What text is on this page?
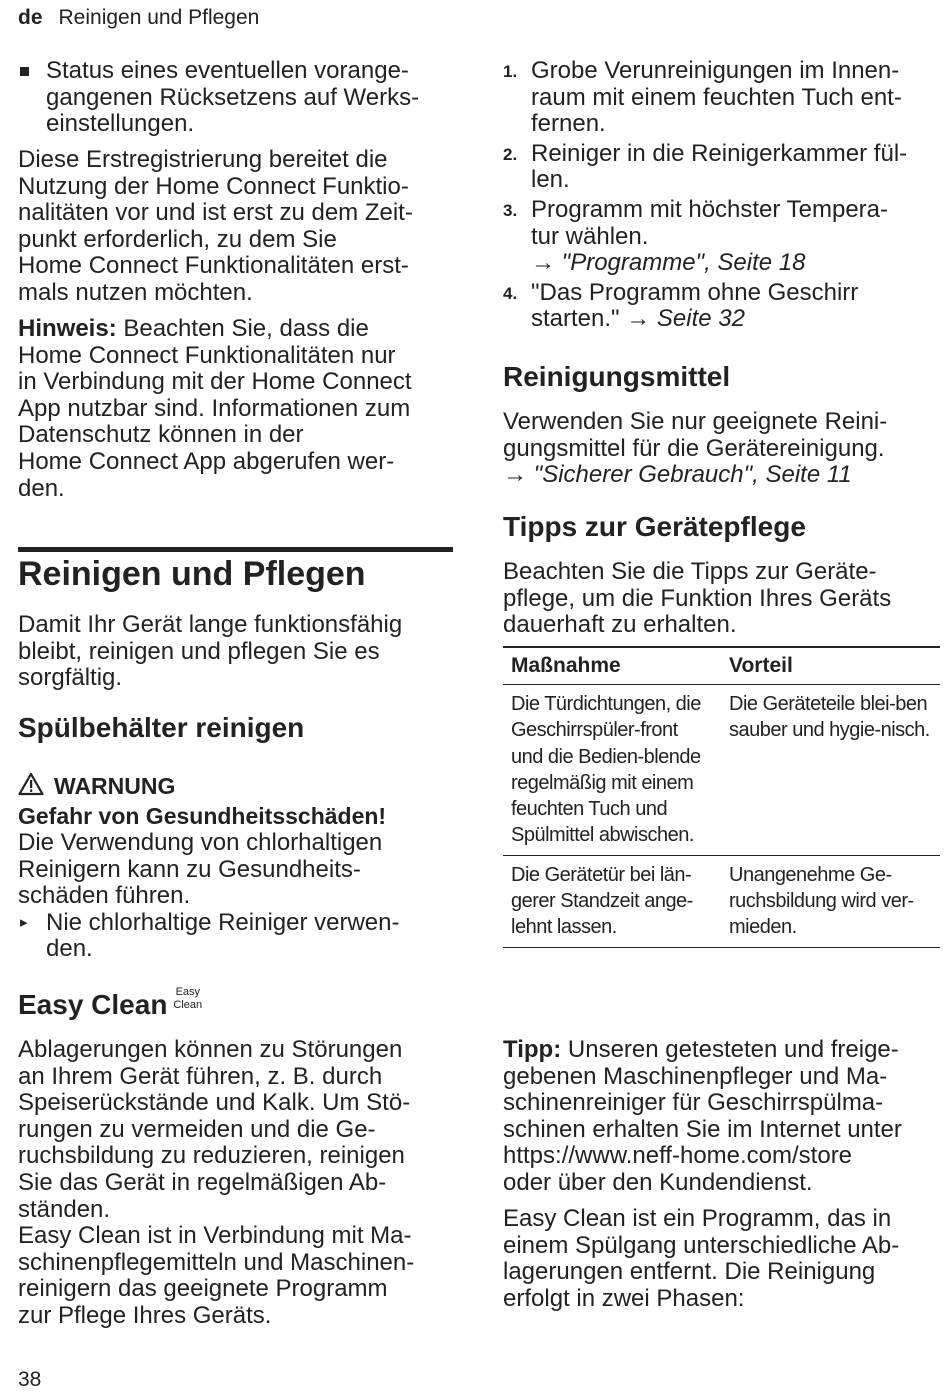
de Reinigen und Pflegen
Status eines eventuellen vorange-
gangenen Rücksetzens auf Werks-
einstellungen.
Diese Erstregistrierung bereitet die
Nutzung der Home Connect Funktio-
nalitäten vor und ist erst zu dem Zeit-
punkt erforderlich, zu dem Sie
Home Connect Funktionalitäten erst-
mals nutzen möchten.
Hinweis: Beachten Sie, dass die
Home Connect Funktionalitäten nur
in Verbindung mit der Home Connect
App nutzbar sind. Informationen zum
Datenschutz können in der
Home Connect App abgerufen wer-
den.
Reinigen und Pflegen
Damit Ihr Gerät lange funktionsfähig
bleibt, reinigen und pflegen Sie es
sorgfältig.
Spülbehälter reinigen
WARNUNG
Gefahr von Gesundheitsschäden!
Die Verwendung von chlorhaltigen
Reinigern kann zu Gesundheits-
schäden führen.
▸ Nie chlorhaltige Reiniger verwen-
den.
Easy Clean Easy
Clean
Ablagerungen können zu Störungen
an Ihrem Gerät führen, z. B. durch
Speiserückstände und Kalk. Um Stö-
rungen zu vermeiden und die Ge-
ruchsbildung zu reduzieren, reinigen
Sie das Gerät in regelmäßigen Ab-
ständen.
Easy Clean ist in Verbindung mit Ma-
schinenpflegemitteln und Maschinen-
reinigern das geeignete Programm
zur Pflege Ihres Geräts.
38
1. Grobe Verunreinigungen im Innen-
raum mit einem feuchten Tuch ent-
fernen.
2. Reiniger in die Reinigerkammer fül-
len.
3. Programm mit höchster Tempera-
tur wählen.
→ "Programme", Seite 18
4. "Das Programm ohne Geschirr
starten." → Seite 32
Reinigungsmittel
Verwenden Sie nur geeignete Reini-
gungsmittel für die Gerätereinigung.
→ "Sicherer Gebrauch", Seite 11
Tipps zur Gerätepflege
Beachten Sie die Tipps zur Geräte-
pflege, um die Funktion Ihres Geräts
dauerhaft zu erhalten.
Maßnahme	Vorteil
Die Türdichtungen, die Geschirrspüler-front und die Bedien-blende regelmäßig mit einem feuchten Tuch und Spülmittel abwischen.	Die Geräteteile blei-ben sauber und hygie-nisch.
Die Gerätetür bei län-gerer Standzeit ange-lehnt lassen.	Unangenehme Ge-ruchsbildung wird ver-mieden.
Tipp: Unseren getesteten und freige-
gebenen Maschinenpfleger und Ma-
schinenreiniger für Geschirrspülma-
schinen erhalten Sie im Internet unter
https://www.neff-home.com/store
oder über den Kundendienst.
Easy Clean ist ein Programm, das in
einem Spülgang unterschiedliche Ab-
lagerungen entfernt. Die Reinigung
erfolgt in zwei Phasen:
